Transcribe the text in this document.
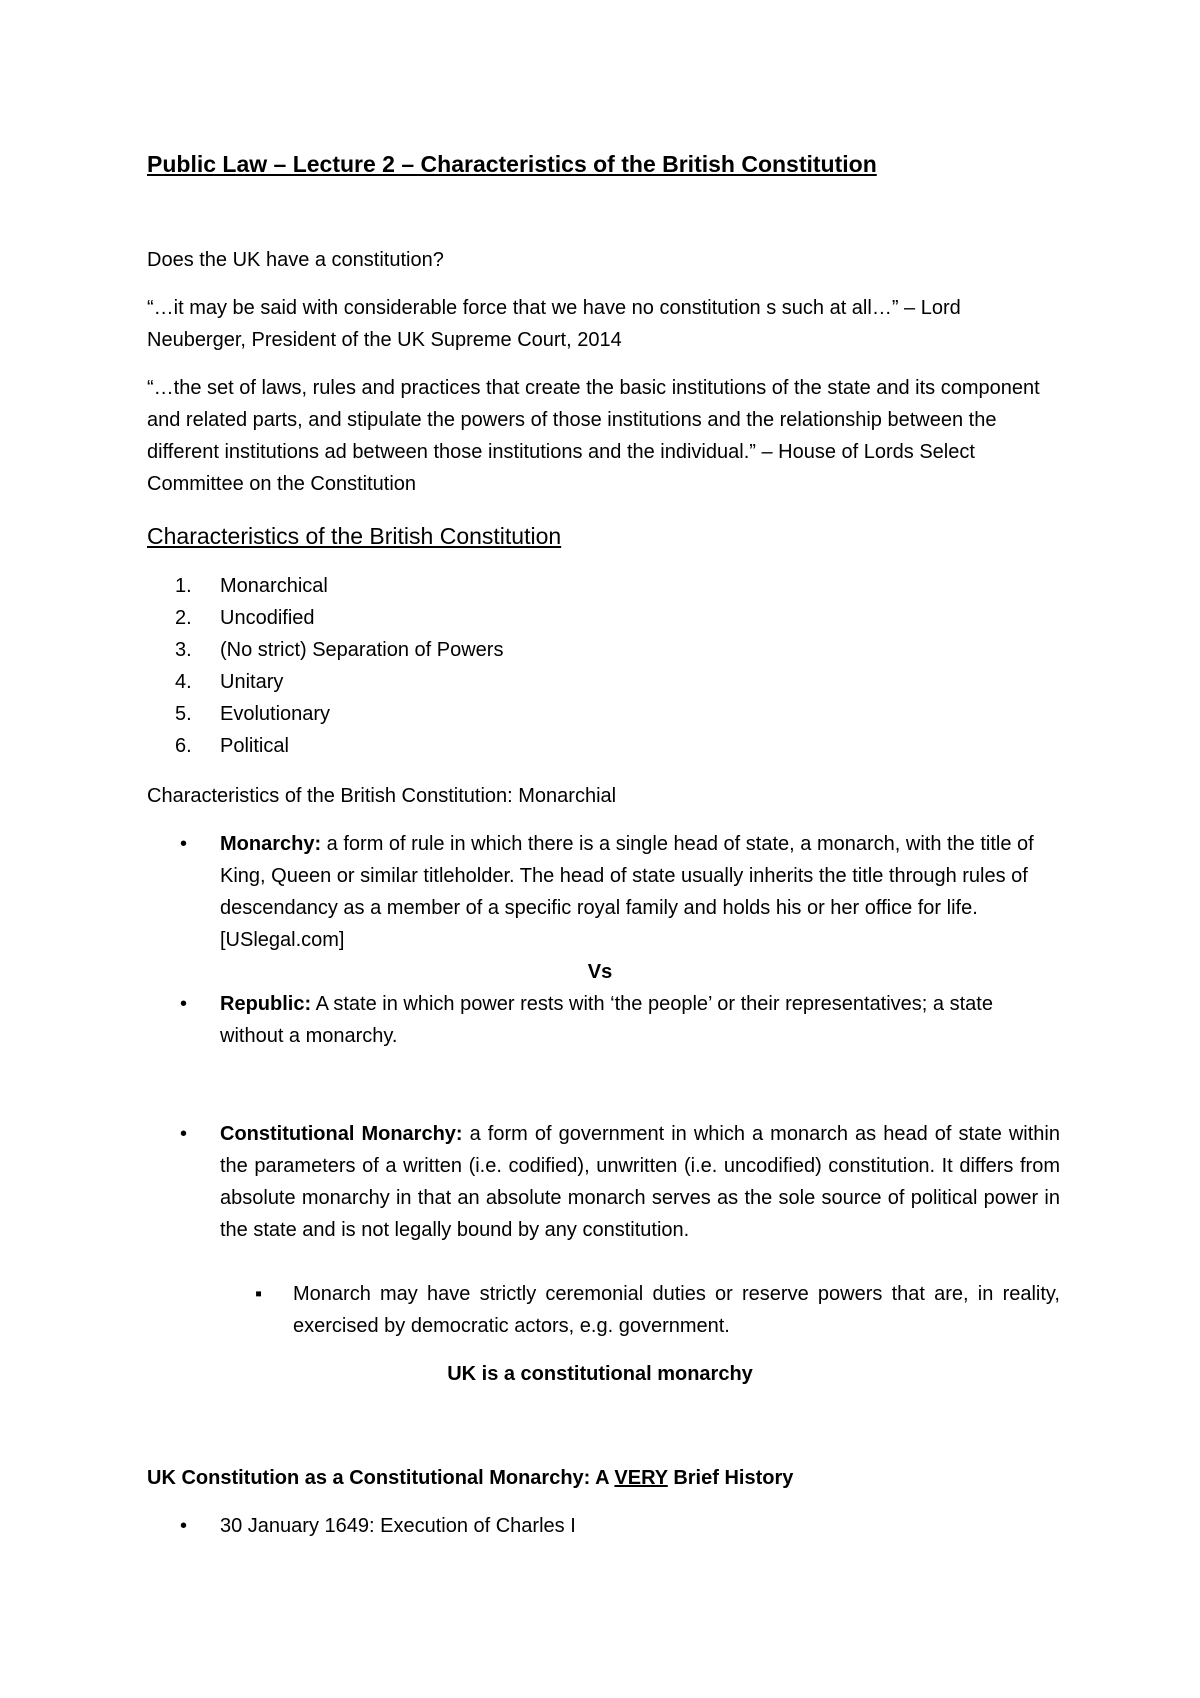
Public Law – Lecture 2 – Characteristics of the British Constitution

Does the UK have a constitution?

“…it may be said with considerable force that we have no constitution s such at all…” – Lord Neuberger, President of the UK Supreme Court, 2014

“…the set of laws, rules and practices that create the basic institutions of the state and its component and related parts, and stipulate the powers of those institutions and the relationship between the different institutions ad between those institutions and the individual.” – House of Lords Select Committee on the Constitution

Characteristics of the British Constitution
1. Monarchical
2. Uncodified
3. (No strict) Separation of Powers
4. Unitary
5. Evolutionary
6. Political

Characteristics of the British Constitution: Monarchial

•	Monarchy: a form of rule in which there is a single head of state, a monarch, with the title of King, Queen or similar titleholder. The head of state usually inherits the title through rules of descendancy as a member of a specific royal family and holds his or her office for life. [USlegal.com]
Vs
•	Republic: A state in which power rests with ‘the people’ or their representatives; a state without a monarchy.
•	Constitutional Monarchy: a form of government in which a monarch as head of state within the parameters of a written (i.e. codified), unwritten (i.e. uncodified) constitution. It differs from absolute monarchy in that an absolute monarch serves as the sole source of political power in the state and is not legally bound by any constitution.
▪ Monarch may have strictly ceremonial duties or reserve powers that are, in reality, exercised by democratic actors, e.g. government.
UK is a constitutional monarchy
UK Constitution as a Constitutional Monarchy: A VERY Brief History
•	30 January 1649: Execution of Charles I
